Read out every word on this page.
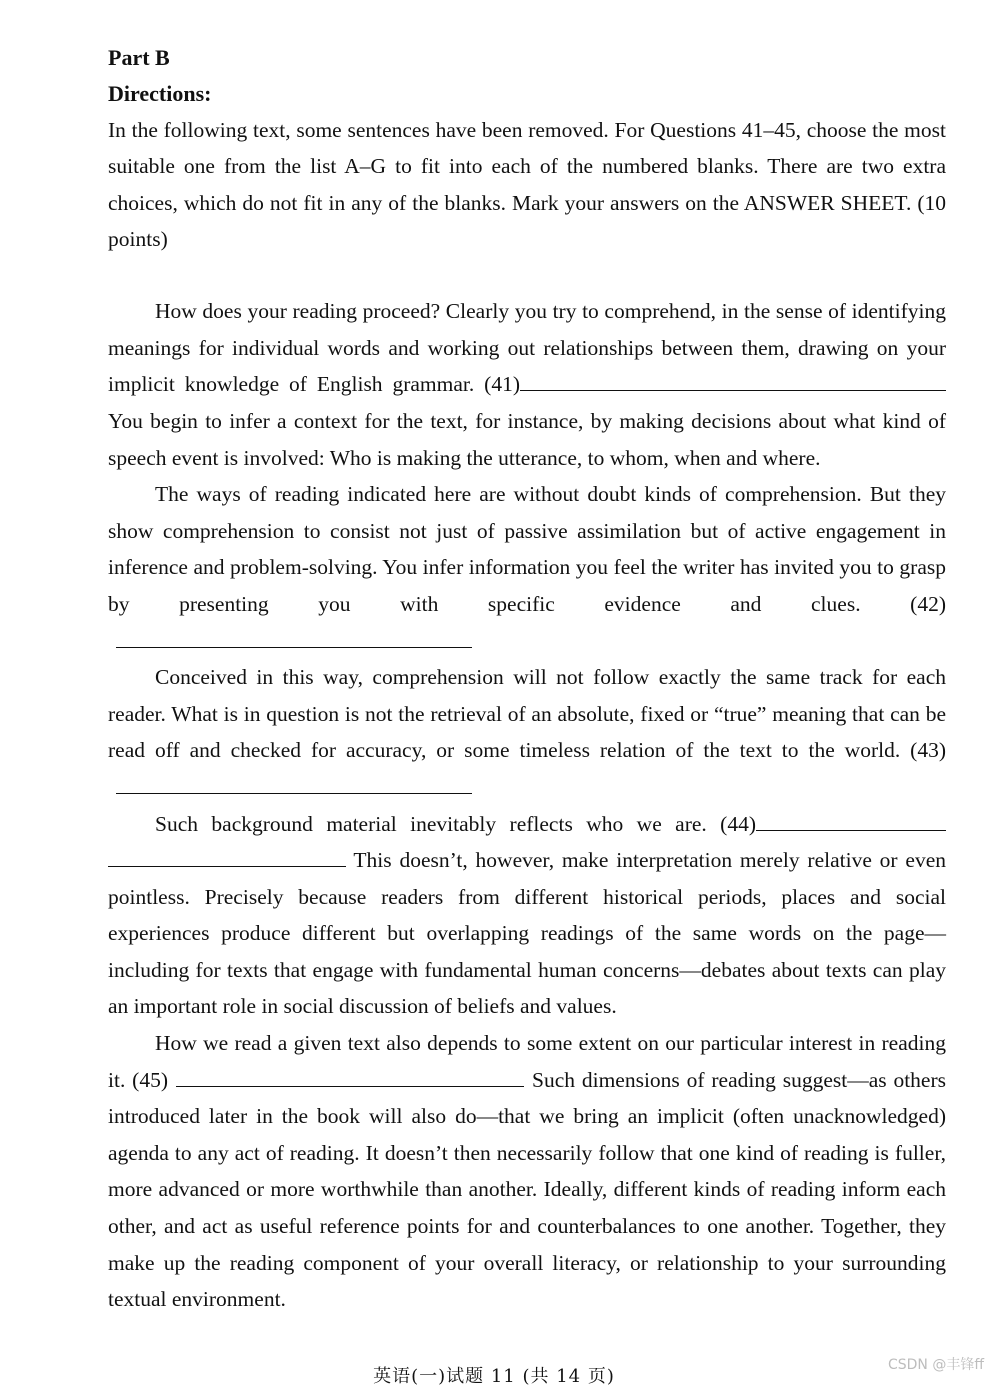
Part B

Directions:

In the following text, some sentences have been removed. For Questions 41–45, choose the most suitable one from the list A–G to fit into each of the numbered blanks. There are two extra choices, which do not fit in any of the blanks. Mark your answers on the ANSWER SHEET. (10 points)

How does your reading proceed? Clearly you try to comprehend, in the sense of identifying meanings for individual words and working out relationships between them, drawing on your implicit knowledge of English grammar. (41) You begin to infer a context for the text, for instance, by making decisions about what kind of speech event is involved: Who is making the utterance, to whom, when and where.

The ways of reading indicated here are without doubt kinds of comprehension. But they show comprehension to consist not just of passive assimilation but of active engagement in inference and problem-solving. You infer information you feel the writer has invited you to grasp by presenting you with specific evidence and clues. (42)

Conceived in this way, comprehension will not follow exactly the same track for each reader. What is in question is not the retrieval of an absolute, fixed or “true” meaning that can be read off and checked for accuracy, or some timeless relation of the text to the world. (43)

Such background material inevitably reflects who we are. (44) This doesn’t, however, make interpretation merely relative or even pointless. Precisely because readers from different historical periods, places and social experiences produce different but overlapping readings of the same words on the page—including for texts that engage with fundamental human concerns—debates about texts can play an important role in social discussion of beliefs and values.

How we read a given text also depends to some extent on our particular interest in reading it. (45)	Such dimensions of reading suggest—as others introduced later in the book will also do—that we bring an implicit (often unacknowledged) agenda to any act of reading. It doesn’t then necessarily follow that one kind of reading is fuller, more advanced or more worthwhile than another. Ideally, different kinds of reading inform each other, and act as useful reference points for and counterbalances to one another. Together, they make up the reading component of your overall literacy, or relationship to your surrounding textual environment.

英语(一)试题 11 (共 14 页)
CSDN @丰锋ff
